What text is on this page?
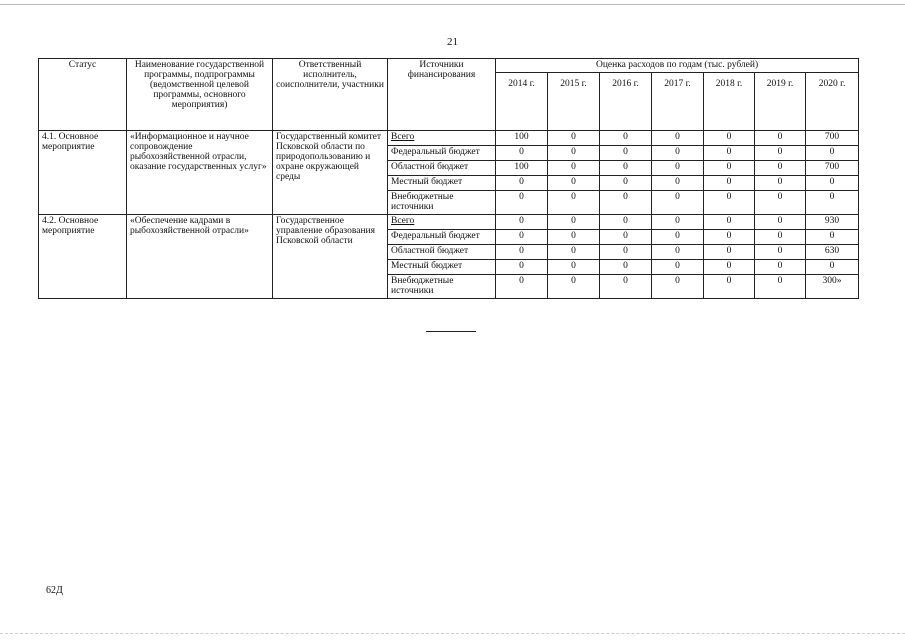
21
Статус	Наименование государственной программы, подпрограммы (ведомственной целевой программы, основного мероприятия)	Ответственный исполнитель, соисполнители, участники	Источники финансирования	Оценка расходов по годам (тыс. рублей)						
				2014 г.	2015 г.	2016 г.	2017 г.	2018 г.	2019 г.	2020 г.
4.1. Основное мероприятие	«Информационное и научное сопровождение рыбохозяйственной отрасли, оказание государственных услуг»	Государственный комитет Псковской области по природопользованию и охране окружающей среды	Всего	100	0	0	0	0	0	700
			Федеральный бюджет	0	0	0	0	0	0	0
			Областной бюджет	100	0	0	0	0	0	700
			Местный бюджет	0	0	0	0	0	0	0
			Внебюджетные источники	0	0	0	0	0	0	0
4.2. Основное мероприятие	«Обеспечение кадрами в рыбохозяйственной отрасли»	Государственное управление образования Псковской области	Всего	0	0	0	0	0	0	930
			Федеральный бюджет	0	0	0	0	0	0	0
			Областной бюджет	0	0	0	0	0	0	630
			Местный бюджет	0	0	0	0	0	0	0
			Внебюджетные источники	0	0	0	0	0	0	300»
62Д
